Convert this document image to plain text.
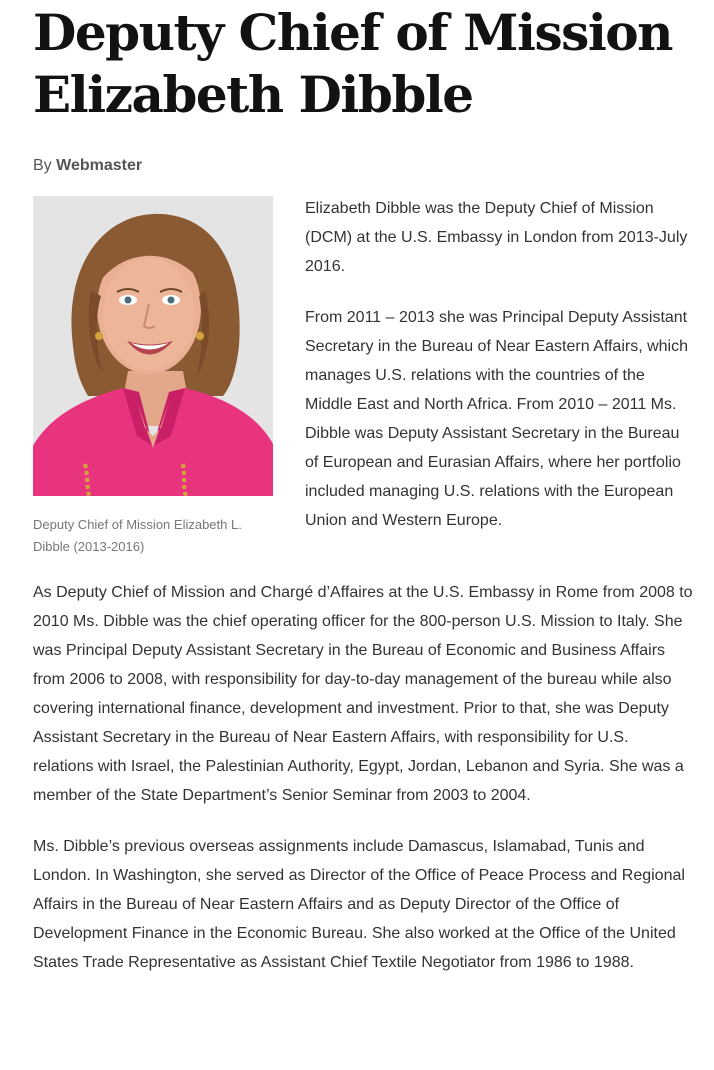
Deputy Chief of Mission
Elizabeth Dibble
By Webmaster
Deputy Chief of Mission Elizabeth L. Dibble (2013-2016)

Elizabeth Dibble was the Deputy Chief of Mission (DCM) at the U.S. Embassy in London from 2013-July 2016.

From 2011 – 2013 she was Principal Deputy Assistant Secretary in the Bureau of Near Eastern Affairs, which manages U.S. relations with the countries of the Middle East and North Africa. From 2010 – 2011 Ms. Dibble was Deputy Assistant Secretary in the Bureau of European and Eurasian Affairs, where her portfolio included managing U.S. relations with the European Union and Western Europe.

As Deputy Chief of Mission and Chargé d’Affaires at the U.S. Embassy in Rome from 2008 to 2010 Ms. Dibble was the chief operating officer for the 800-person U.S. Mission to Italy. She was Principal Deputy Assistant Secretary in the Bureau of Economic and Business Affairs from 2006 to 2008, with responsibility for day-to-day management of the bureau while also covering international finance, development and investment. Prior to that, she was Deputy Assistant Secretary in the Bureau of Near Eastern Affairs, with responsibility for U.S. relations with Israel, the Palestinian Authority, Egypt, Jordan, Lebanon and Syria. She was a member of the State Department’s Senior Seminar from 2003 to 2004.

Ms. Dibble’s previous overseas assignments include Damascus, Islamabad, Tunis and London. In Washington, she served as Director of the Office of Peace Process and Regional Affairs in the Bureau of Near Eastern Affairs and as Deputy Director of the Office of Development Finance in the Economic Bureau. She also worked at the Office of the United States Trade Representative as Assistant Chief Textile Negotiator from 1986 to 1988.
